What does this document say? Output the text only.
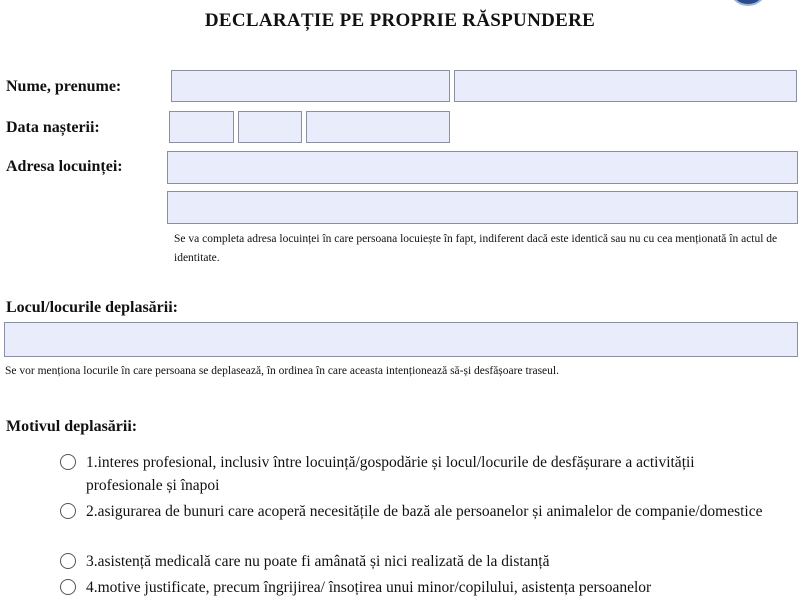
DECLARAȚIE PE PROPRIE RĂSPUNDERE
Nume, prenume:
Data nașterii:
Adresa locuinței:
Se va completa adresa locuinței în care persoana locuiește în fapt, indiferent dacă este identică sau nu cu cea menționată în actul de identitate.
Locul/locurile deplasării:
Se vor menționa locurile în care persoana se deplasează, în ordinea în care aceasta intenționează să-și desfășoare traseul.
Motivul deplasării:
1.interes profesional, inclusiv între locuință/gospodărie și locul/locurile de desfășurare a activității profesionale și înapoi
2.asigurarea de bunuri care acoperă necesitățile de bază ale persoanelor și animalelor de companie/domestice
3.asistență medicală care nu poate fi amânată și nici realizată de la distanță
4.motive justificate, precum îngrijirea/ însoțirea unui minor/copilului, asistența persoanelor
